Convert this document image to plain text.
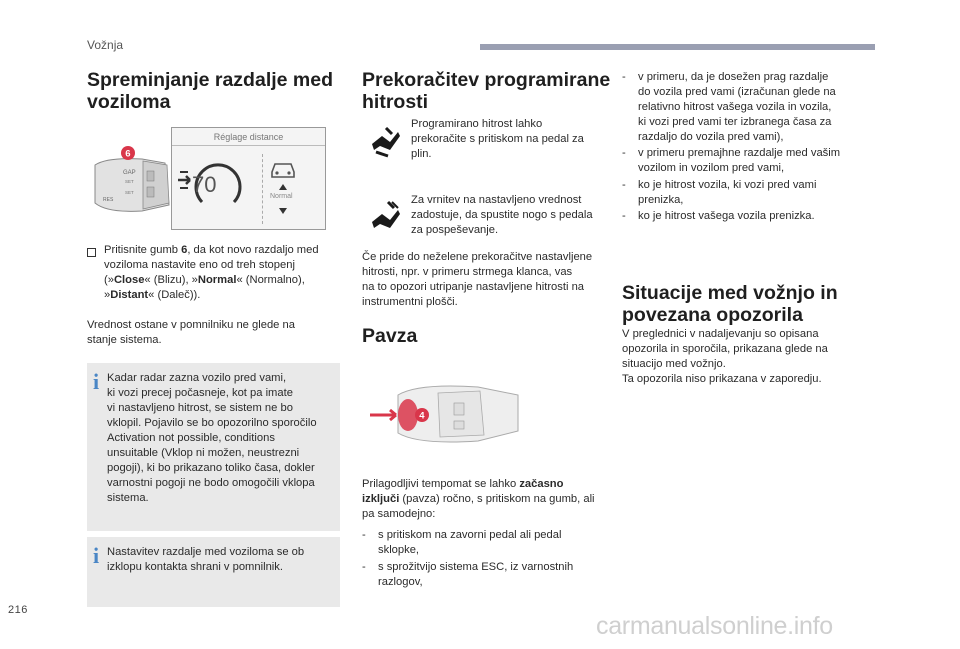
Vožnja
Spreminjanje razdalje med
voziloma
GAP
SET
SET
RES
6
Réglage distance
70	Normal
Pritisnite gumb 6, da kot novo razdaljo med
voziloma nastavite eno od treh stopenj
(»Close« (Blizu), »Normal« (Normalno),
»Distant« (Daleč)).
Vrednost ostane v pomnilniku ne glede na
stanje sistema.
i Kadar radar zazna vozilo pred vami,
ki vozi precej počasneje, kot pa imate
vi nastavljeno hitrost, se sistem ne bo
vklopil. Pojavilo se bo opozorilno sporočilo
Activation not possible, conditions
unsuitable (Vklop ni možen, neustrezni
pogoji), ki bo prikazano toliko časa, dokler
varnostni pogoji ne bodo omogočili vklopa
sistema.
i Nastavitev razdalje med voziloma se ob
izklopu kontakta shrani v pomnilnik.
Prekoračitev programirane
hitrosti
Programirano hitrost lahko
prekoračite s pritiskom na pedal za
plin.
Za vrnitev na nastavljeno vrednost
zadostuje, da spustite nogo s pedala
za pospeševanje.
Če pride do neželene prekoračitve nastavljene
hitrosti, npr. v primeru strmega klanca, vas
na to opozori utripanje nastavljene hitrosti na
instrumentni plošči.
Pavza
4
Prilagodljivi tempomat se lahko začasno
izključi (pavza) ročno, s pritiskom na gumb, ali
pa samodejno:
- s pritiskom na zavorni pedal ali pedal
sklopke,
- s sprožitvijo sistema ESC, iz varnostnih
razlogov,
- v primeru, da je dosežen prag razdalje
do vozila pred vami (izračunan glede na
relativno hitrost vašega vozila in vozila,
ki vozi pred vami ter izbranega časa za
razdaljo do vozila pred vami),
- v primeru premajhne razdalje med vašim
vozilom in vozilom pred vami,
- ko je hitrost vozila, ki vozi pred vami
prenizka,
- ko je hitrost vašega vozila prenizka.
Situacije med vožnjo in
povezana opozorila
V preglednici v nadaljevanju so opisana
opozorila in sporočila, prikazana glede na
situacijo med vožnjo.
Ta opozorila niso prikazana v zaporedju.
216
carmanualsonline.info
